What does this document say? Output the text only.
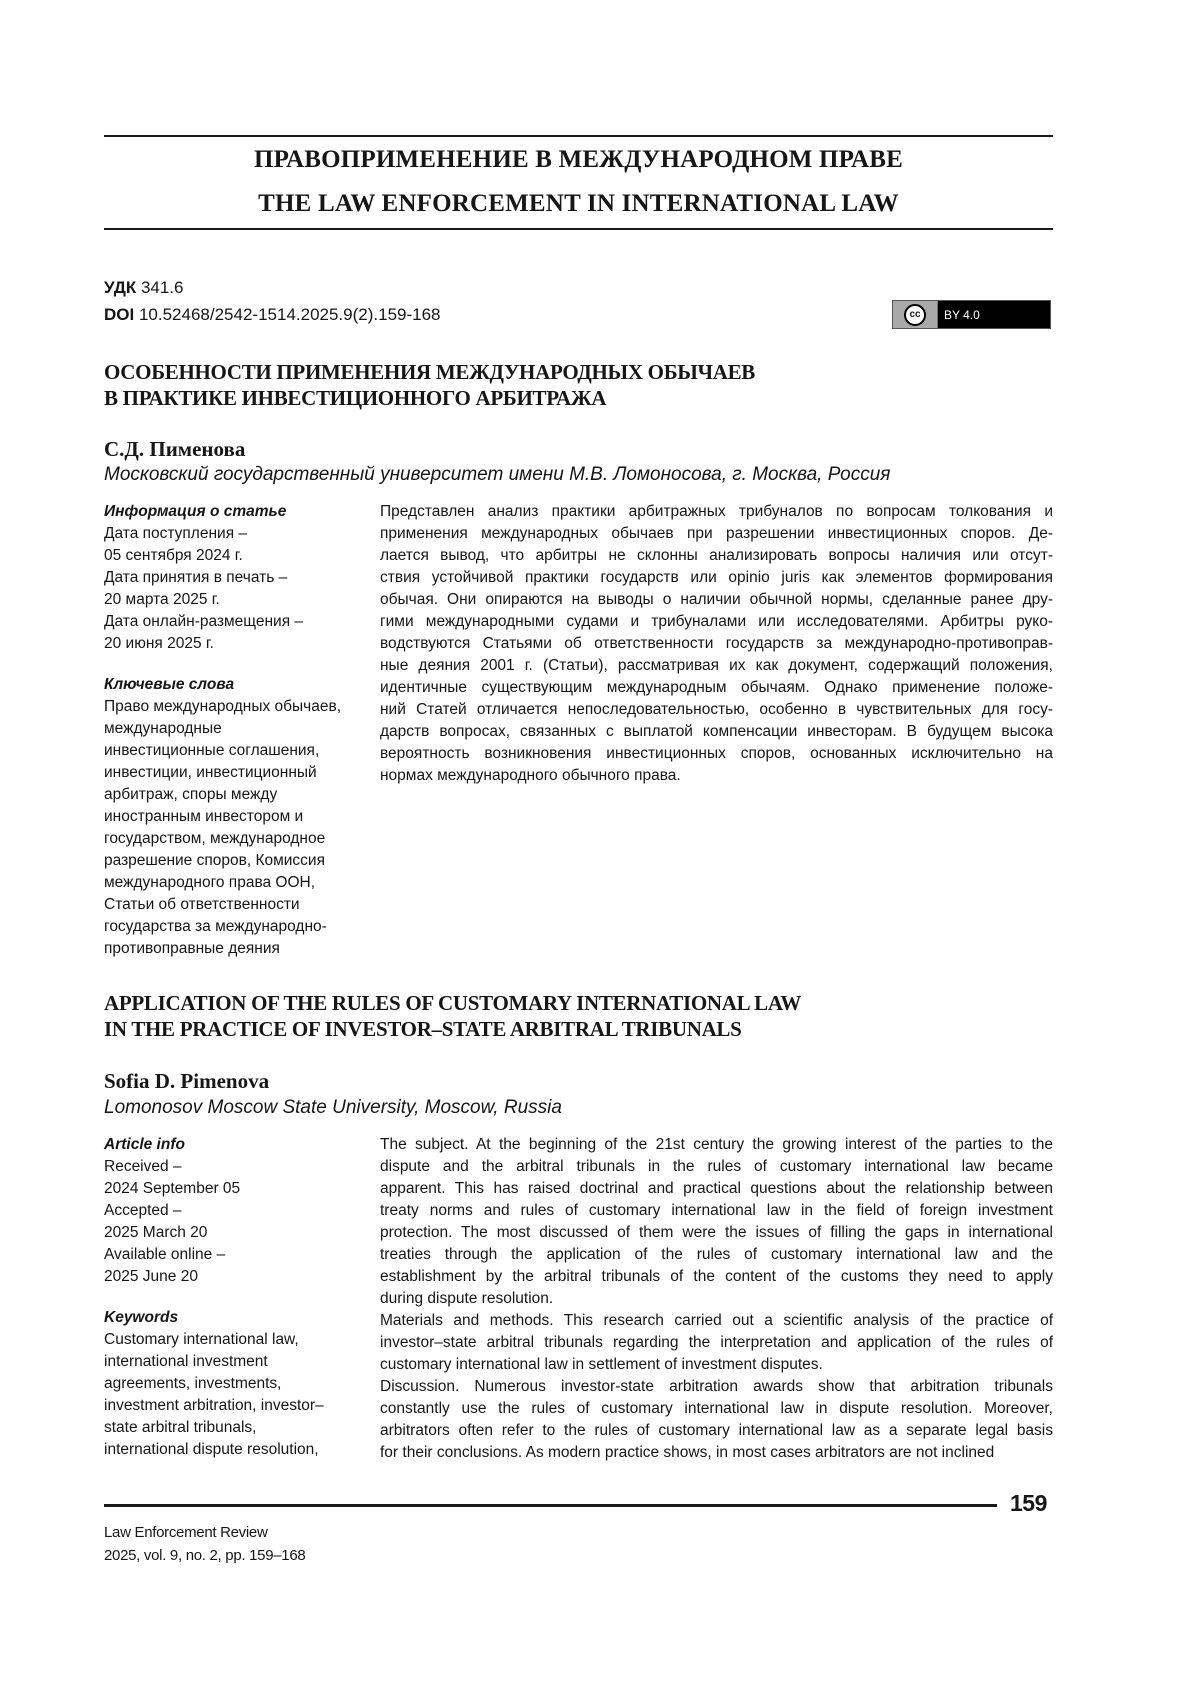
ПРАВОПРИМЕНЕНИЕ В МЕЖДУНАРОДНОМ ПРАВЕ
THE LAW ENFORCEMENT IN INTERNATIONAL LAW
УДК 341.6
DOI 10.52468/2542-1514.2025.9(2).159-168	cc BY 4.0
ОСОБЕННОСТИ ПРИМЕНЕНИЯ МЕЖДУНАРОДНЫХ ОБЫЧАЕВ
В ПРАКТИКЕ ИНВЕСТИЦИОННОГО АРБИТРАЖА
С.Д. Пименова
Московский государственный университет имени М.В. Ломоносова, г. Москва, Россия
Информация о статье
Дата поступления –
05 сентября 2024 г.
Дата принятия в печать –
20 марта 2025 г.
Дата онлайн-размещения –
20 июня 2025 г.
Ключевые слова
Право международных обычаев,
международные
инвестиционные соглашения,
инвестиции, инвестиционный
арбитраж, споры между
иностранным инвестором и
государством, международное
разрешение споров, Комиссия
международного права ООН,
Статьи об ответственности
государства за международно-
противоправные деяния
Представлен анализ практики арбитражных трибуналов по вопросам толкования и
применения международных обычаев при разрешении инвестиционных споров. Де-
лается вывод, что арбитры не склонны анализировать вопросы наличия или отсут-
ствия устойчивой практики государств или opinio juris как элементов формирования
обычая. Они опираются на выводы о наличии обычной нормы, сделанные ранее дру-
гими международными судами и трибуналами или исследователями. Арбитры руко-
водствуются Статьями об ответственности государств за международно-противоправ-
ные деяния 2001 г. (Статьи), рассматривая их как документ, содержащий положения,
идентичные существующим международным обычаям. Однако применение положе-
ний Статей отличается непоследовательностью, особенно в чувствительных для госу-
дарств вопросах, связанных с выплатой компенсации инвесторам. В будущем высока
вероятность возникновения инвестиционных споров, основанных исключительно на
нормах международного обычного права.
APPLICATION OF THE RULES OF CUSTOMARY INTERNATIONAL LAW
IN THE PRACTICE OF INVESTOR–STATE ARBITRAL TRIBUNALS
Sofia D. Pimenova
Lomonosov Moscow State University, Moscow, Russia
Article info
Received –
2024 September 05
Accepted –
2025 March 20
Available online –
2025 June 20
Keywords
Customary international law,
international investment
agreements, investments,
investment arbitration, investor–
state arbitral tribunals,
international dispute resolution,
The subject. At the beginning of the 21st century the growing interest of the parties to the
dispute and the arbitral tribunals in the rules of customary international law became
apparent. This has raised doctrinal and practical questions about the relationship between
treaty norms and rules of customary international law in the field of foreign investment
protection. The most discussed of them were the issues of filling the gaps in international
treaties through the application of the rules of customary international law and the
establishment by the arbitral tribunals of the content of the customs they need to apply
during dispute resolution.
Materials and methods. This research carried out a scientific analysis of the practice of
investor–state arbitral tribunals regarding the interpretation and application of the rules of
customary international law in settlement of investment disputes.
Discussion. Numerous investor-state arbitration awards show that arbitration tribunals
constantly use the rules of customary international law in dispute resolution. Moreover,
arbitrators often refer to the rules of customary international law as a separate legal basis
for their conclusions. As modern practice shows, in most cases arbitrators are not inclined
159
Law Enforcement Review
2025, vol. 9, no. 2, pp. 159–168
